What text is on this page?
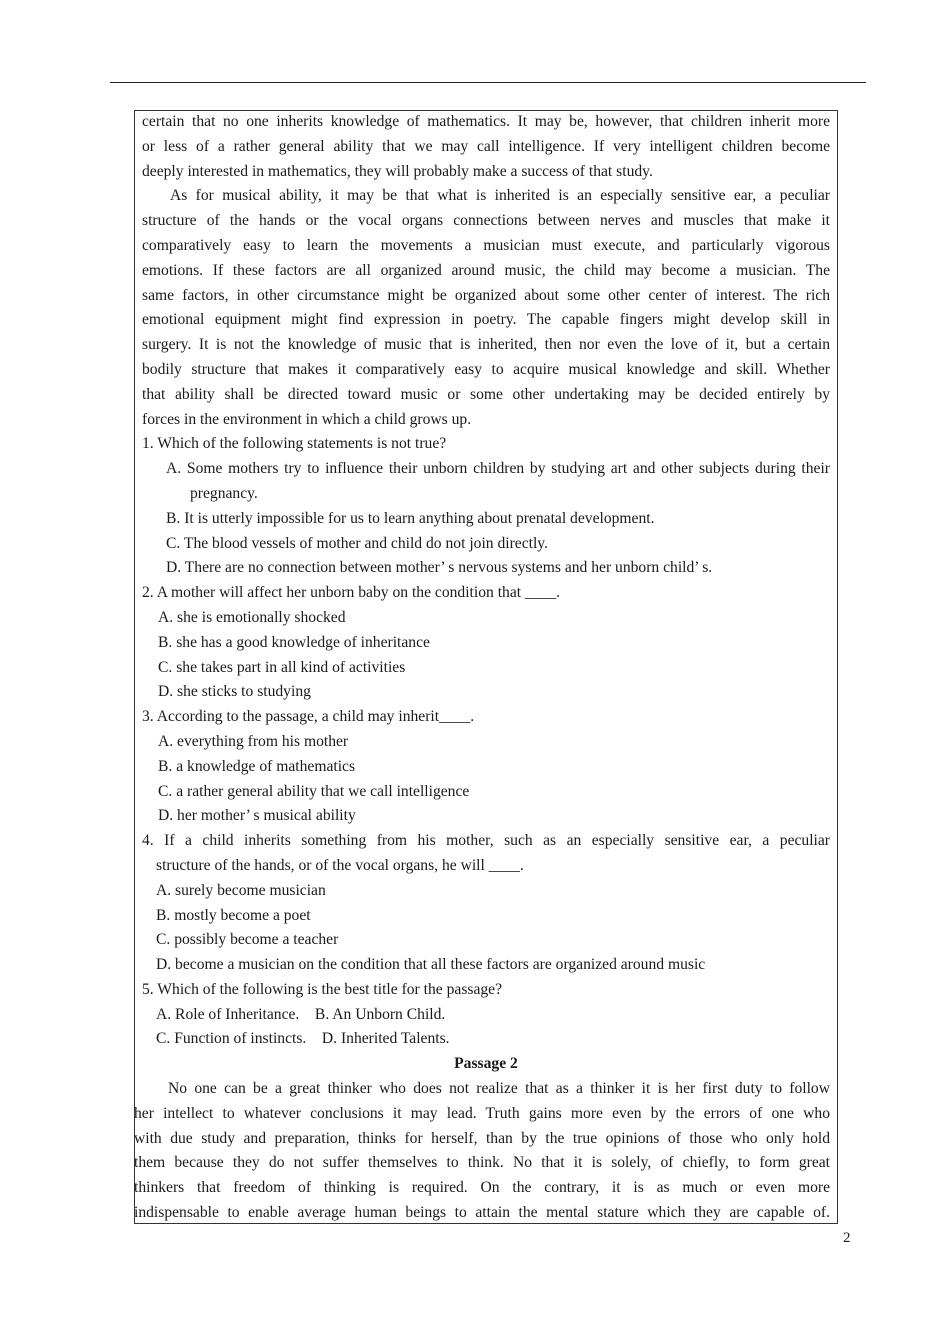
certain that no one inherits knowledge of mathematics. It may be, however, that children inherit more
or less of a rather general ability that we may call intelligence. If very intelligent children become
deeply interested in mathematics, they will probably make a success of that study.
As for musical ability, it may be that what is inherited is an especially sensitive ear, a peculiar
structure of the hands or the vocal organs connections between nerves and muscles that make it
comparatively easy to learn the movements a musician must execute, and particularly vigorous
emotions. If these factors are all organized around music, the child may become a musician. The
same factors, in other circumstance might be organized about some other center of interest. The rich
emotional equipment might find expression in poetry. The capable fingers might develop skill in
surgery. It is not the knowledge of music that is inherited, then nor even the love of it, but a certain
bodily structure that makes it comparatively easy to acquire musical knowledge and skill. Whether
that ability shall be directed toward music or some other undertaking may be decided entirely by
forces in the environment in which a child grows up.

1. Which of the following statements is not true?

A. Some mothers try to influence their unborn children by studying art and other subjects during their pregnancy.

B. It is utterly impossible for us to learn anything about prenatal development.

C. The blood vessels of mother and child do not join directly.

D. There are no connection between mother’ s nervous systems and her unborn child’ s.

2. A mother will affect her unborn baby on the condition that ____.

A. she is emotionally shocked

B. she has a good knowledge of inheritance

C. she takes part in all kind of activities

D. she sticks to studying

3. According to the passage, a child may inherit____.

A. everything from his mother

B. a knowledge of mathematics

C. a rather general ability that we call intelligence

D. her mother’ s musical ability

4. If a child inherits something from his mother, such as an especially sensitive ear, a peculiar
structure of the hands, or of the vocal organs, he will ____.

A. surely become musician

B. mostly become a poet

C. possibly become a teacher

D. become a musician on the condition that all these factors are organized around music

5. Which of the following is the best title for the passage?

A. Role of Inheritance.    B. An Unborn Child.

C. Function of instincts.    D. Inherited Talents.

Passage 2

No one can be a great thinker who does not realize that as a thinker it is her first duty to follow
her intellect to whatever conclusions it may lead. Truth gains more even by the errors of one who
with due study and preparation, thinks for herself, than by the true opinions of those who only hold
them because they do not suffer themselves to think. No that it is solely, of chiefly, to form great
thinkers that freedom of thinking is required. On the contrary, it is as much or even more
indispensable to enable average human beings to attain the mental stature which they are capable of.
2
